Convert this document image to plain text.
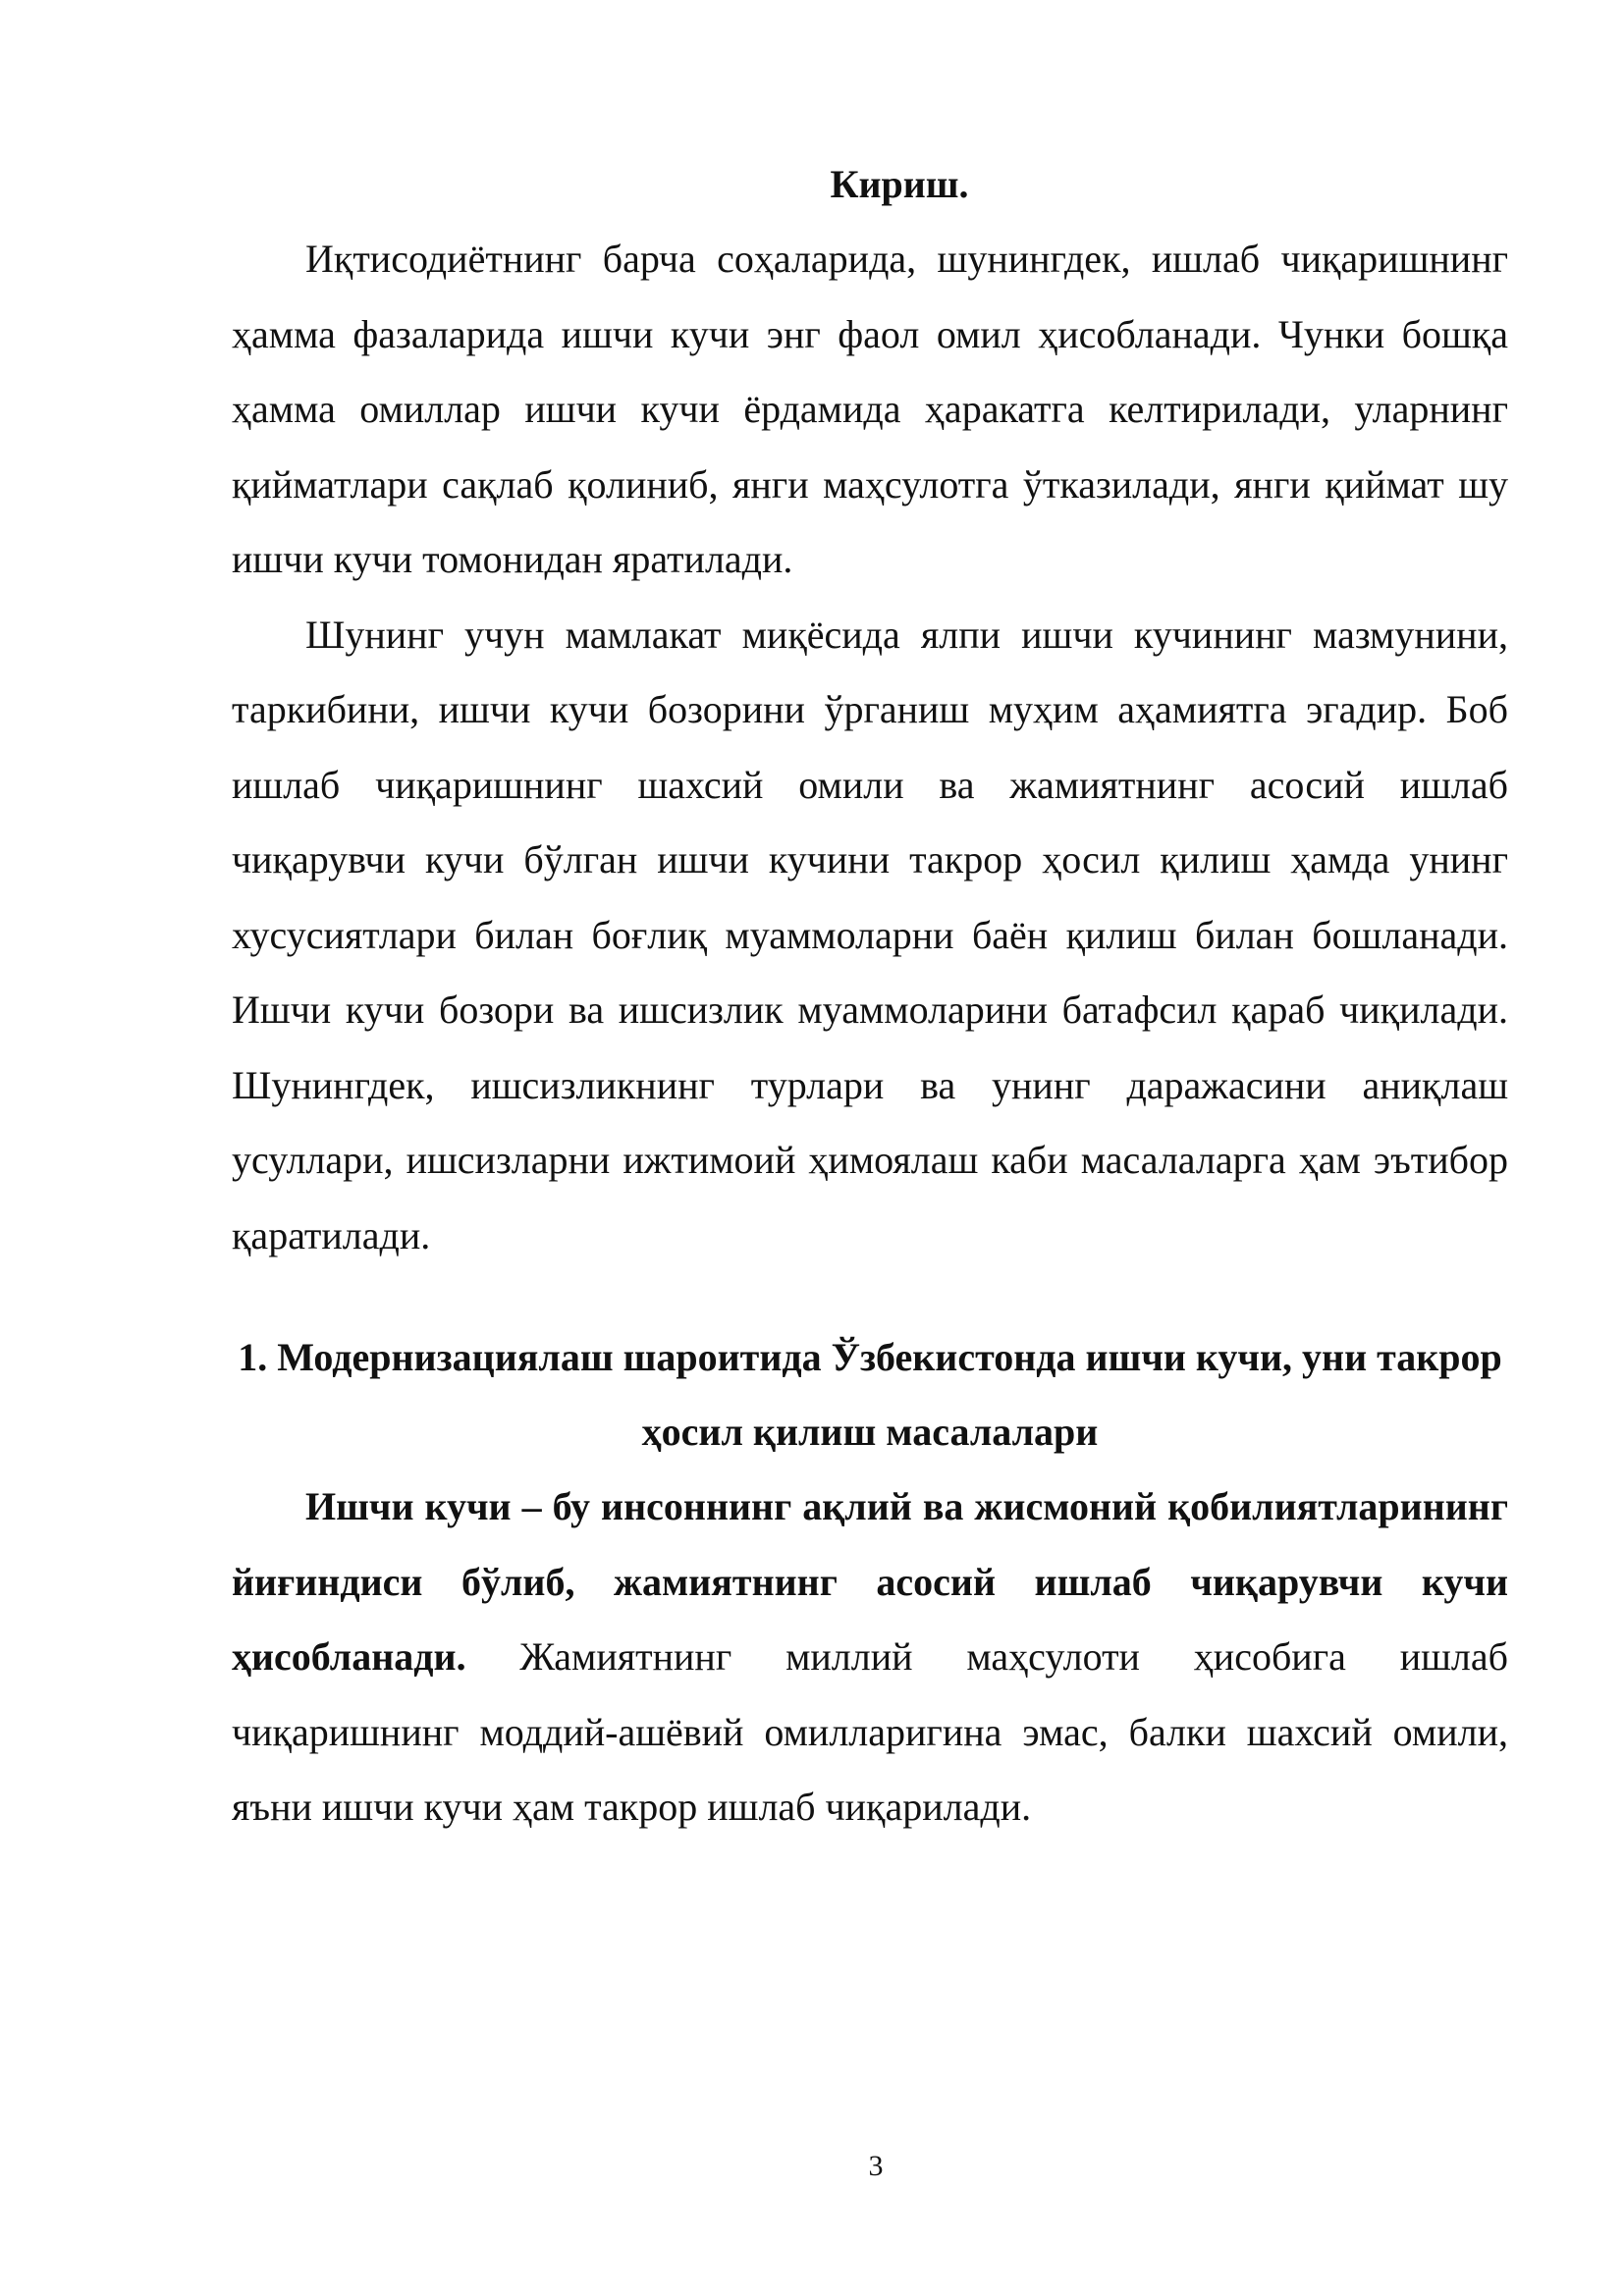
Кириш.

Иқтисодиётнинг барча соҳаларида, шунингдек, ишлаб чиқаришнинг ҳамма фазаларида ишчи кучи энг фаол омил ҳисобланади. Чунки бошқа ҳамма омиллар ишчи кучи ёрдамида ҳаракатга келтирилади, уларнинг қийматлари сақлаб қолиниб, янги маҳсулотга ўтказилади, янги қиймат шу ишчи кучи томонидан яратилади.

Шунинг учун мамлакат миқёсида ялпи ишчи кучининг мазмунини, таркибини, ишчи кучи бозорини ўрганиш муҳим аҳамиятга эгадир. Боб ишлаб чиқаришнинг шахсий омили ва жамиятнинг асосий ишлаб чиқарувчи кучи бўлган ишчи кучини такрор ҳосил қилиш ҳамда унинг хусусиятлари билан боғлиқ муаммоларни баён қилиш билан бошланади. Ишчи кучи бозори ва ишсизлик муаммоларини батафсил қараб чиқилади. Шунингдек, ишсизликнинг турлари ва унинг даражасини аниқлаш усуллари, ишсизларни ижтимоий ҳимоялаш каби масалаларга ҳам эътибор қаратилади.

1. Модернизациялаш шароитида Ўзбекистонда ишчи кучи, уни такрор ҳосил қилиш масалалари

Ишчи кучи – бу инсоннинг ақлий ва жисмоний қобилиятларининг йиғиндиси бўлиб, жамиятнинг асосий ишлаб чиқарувчи кучи ҳисобланади. Жамиятнинг миллий маҳсулоти ҳисобига ишлаб чиқаришнинг моддий-ашёвий омилларигина эмас, балки шахсий омили, яъни ишчи кучи ҳам такрор ишлаб чиқарилади.

3
